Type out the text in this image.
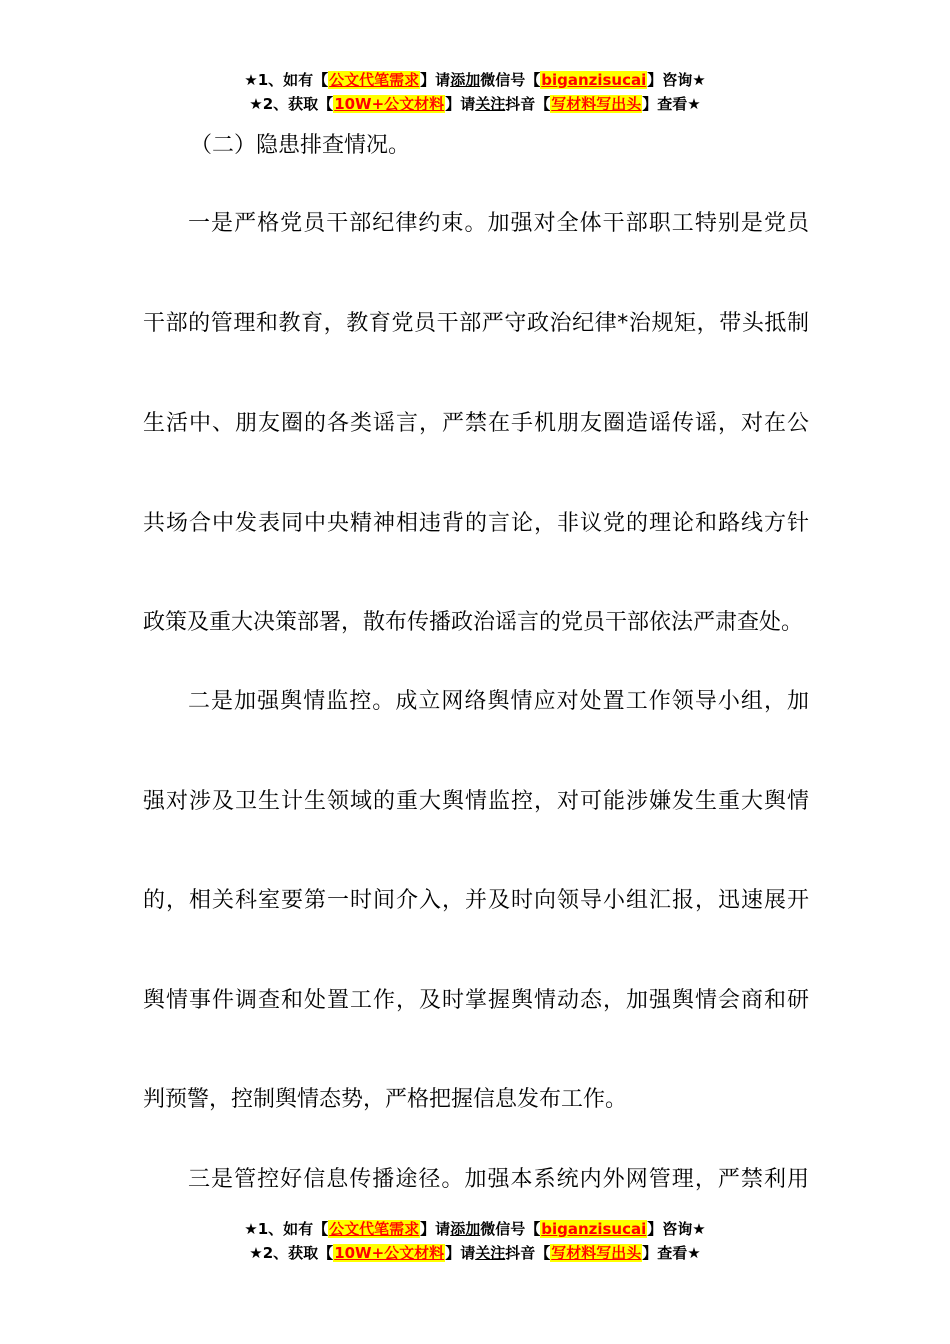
★1、如有【公文代笔需求】请添加微信号【biganzisucai】咨询★
★2、获取【10W+公文材料】请关注抖音【写材料写出头】查看★
（二）隐患排查情况。
一是严格党员干部纪律约束。加强对全体干部职工特别是党员
干部的管理和教育，教育党员干部严守政治纪律*治规矩，带头抵制
生活中、朋友圈的各类谣言，严禁在手机朋友圈造谣传谣，对在公
共场合中发表同中央精神相违背的言论，非议党的理论和路线方针
政策及重大决策部署，散布传播政治谣言的党员干部依法严肃查处。
二是加强舆情监控。成立网络舆情应对处置工作领导小组，加
强对涉及卫生计生领域的重大舆情监控，对可能涉嫌发生重大舆情
的，相关科室要第一时间介入，并及时向领导小组汇报，迅速展开
舆情事件调查和处置工作，及时掌握舆情动态，加强舆情会商和研
判预警，控制舆情态势，严格把握信息发布工作。
三是管控好信息传播途径。加强本系统内外网管理，严禁利用
★1、如有【公文代笔需求】请添加微信号【biganzisucai】咨询★
★2、获取【10W+公文材料】请关注抖音【写材料写出头】查看★
